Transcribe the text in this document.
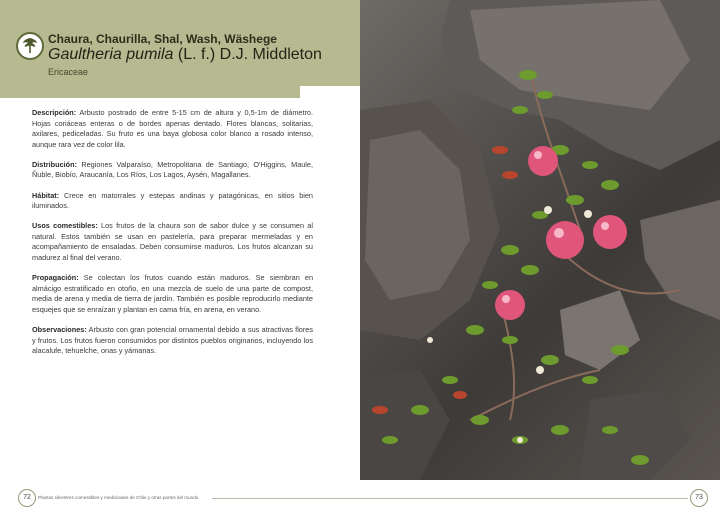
Chaura, Chaurilla, Shal, Wash, Wäshege
Gaultheria pumila (L. f.) D.J. Middleton
Ericaceae

Descripción: Arbusto postrado de entre 5-15 cm de altura y 0,5-1m de diámetro. Hojas coriáceas enteras o de bordes apenas dentado. Flores blancas, solitarias, axilares, pediceladas. Su fruto es una baya globosa color blanco a rosado intenso, aunque rara vez de color lila.

Distribución: Regiones Valparaíso, Metropolitana de Santiago, O'Higgins, Maule, Ñuble, Biobío, Araucanía, Los Ríos, Los Lagos, Aysén, Magallanes.

Hábitat: Crece en matorrales y estepas andinas y patagónicas, en sitios bien iluminados.

Usos comestibles: Los frutos de la chaura son de sabor dulce y se consumen al natural. Estos también se usan en pastelería, para preparar mermeladas y en acompañamiento de ensaladas. Deben consumirse maduros. Los frutos alcanzan su madurez al final del verano.

Propagación: Se colectan los frutos cuando están maduros. Se siembran en almácigo estratificado en otoño, en una mezcla de suelo de una parte de compost, media de arena y media de tierra de jardín. También es posible reproducirlo mediante esquejes que se enraízan y plantan en cama fría, en arena, en verano.

Observaciones: Arbusto con gran potencial ornamental debido a sus atractivas flores y frutos. Los frutos fueron consumidos por distintos pueblos originarios, incluyendo los alacalufe, tehuelche, onas y yámanas.

72	Plantas silvestres comestibles y medicinales de Chile y otras partes del mundo	73
